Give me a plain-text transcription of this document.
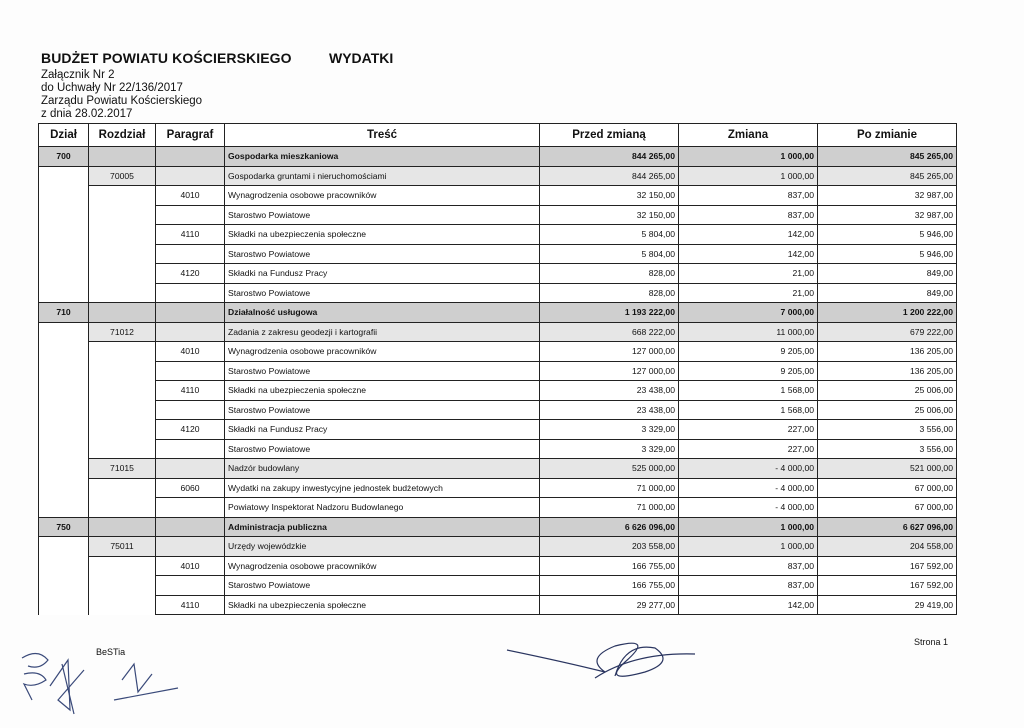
BUDŻET POWIATU KOŚCIERSKIEGO
Załącznik Nr 2
do Uchwały Nr 22/136/2017
Zarządu Powiatu Kościerskiego
z dnia 28.02.2017
WYDATKI
Dział	Rozdział	Paragraf	Treść	Przed zmianą	Zmiana	Po zmianie
700			Gospodarka mieszkaniowa	844 265,00	1 000,00	845 265,00
	70005		Gospodarka gruntami i nieruchomościami	844 265,00	1 000,00	845 265,00
		4010	Wynagrodzenia osobowe pracowników	32 150,00	837,00	32 987,00
			Starostwo Powiatowe	32 150,00	837,00	32 987,00
		4110	Składki na ubezpieczenia społeczne	5 804,00	142,00	5 946,00
			Starostwo Powiatowe	5 804,00	142,00	5 946,00
		4120	Składki na Fundusz Pracy	828,00	21,00	849,00
			Starostwo Powiatowe	828,00	21,00	849,00
710			Działalność usługowa	1 193 222,00	7 000,00	1 200 222,00
	71012		Zadania z zakresu geodezji i kartografii	668 222,00	11 000,00	679 222,00
		4010	Wynagrodzenia osobowe pracowników	127 000,00	9 205,00	136 205,00
			Starostwo Powiatowe	127 000,00	9 205,00	136 205,00
		4110	Składki na ubezpieczenia społeczne	23 438,00	1 568,00	25 006,00
			Starostwo Powiatowe	23 438,00	1 568,00	25 006,00
		4120	Składki na Fundusz Pracy	3 329,00	227,00	3 556,00
			Starostwo Powiatowe	3 329,00	227,00	3 556,00
	71015		Nadzór budowlany	525 000,00	- 4 000,00	521 000,00
		6060	Wydatki na zakupy inwestycyjne jednostek budżetowych	71 000,00	- 4 000,00	67 000,00
			Powiatowy Inspektorat Nadzoru Budowlanego	71 000,00	- 4 000,00	67 000,00
750			Administracja publiczna	6 626 096,00	1 000,00	6 627 096,00
	75011		Urzędy wojewódzkie	203 558,00	1 000,00	204 558,00
		4010	Wynagrodzenia osobowe pracowników	166 755,00	837,00	167 592,00
			Starostwo Powiatowe	166 755,00	837,00	167 592,00
		4110	Składki na ubezpieczenia społeczne	29 277,00	142,00	29 419,00
BeSTia
Strona 1
